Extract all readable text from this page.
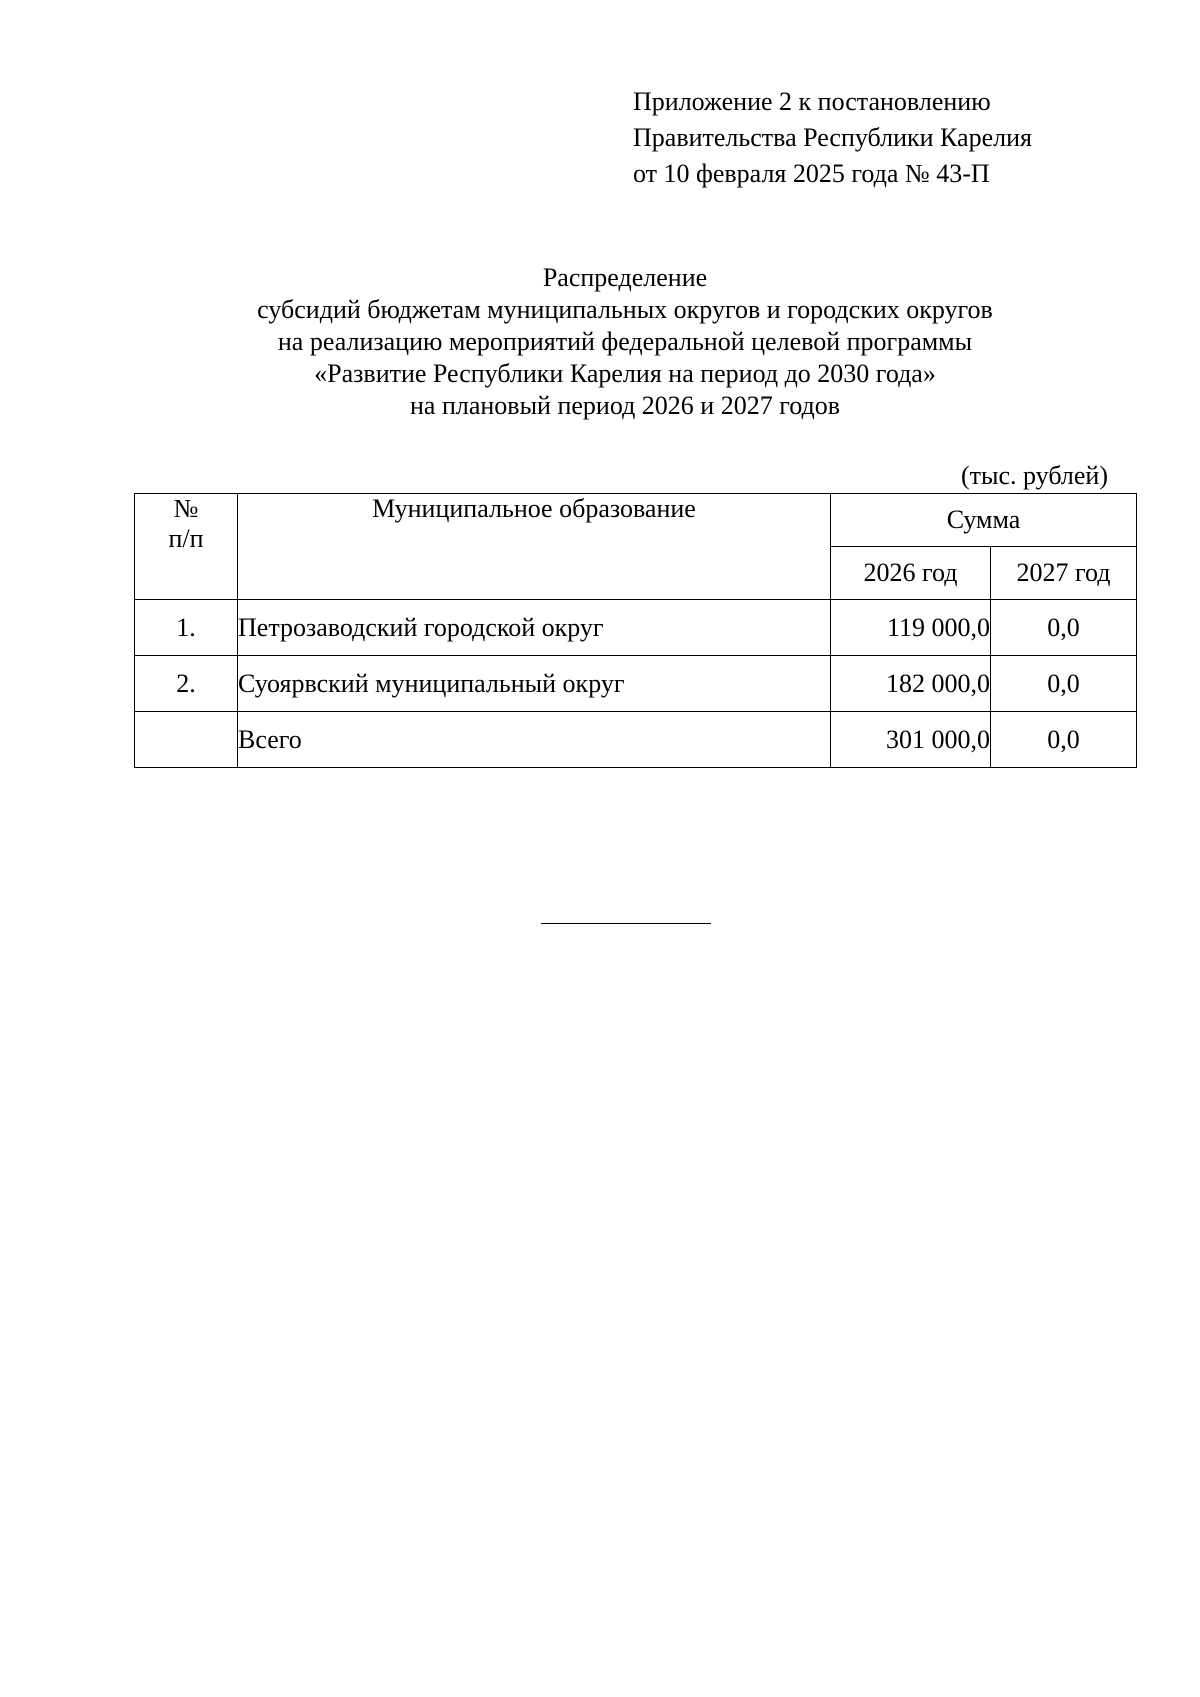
Приложение 2 к постановлению
Правительства Республики Карелия
от 10 февраля 2025 года № 43-П
Распределение
субсидий бюджетам муниципальных округов и городских округов
на реализацию мероприятий федеральной целевой программы
«Развитие Республики Карелия на период до 2030 года»
на плановый период 2026 и 2027 годов
(тыс. рублей)
№
п/п	Муниципальное образование	Сумма	
		2026 год	2027 год
1.	Петрозаводский городской округ	119 000,0	0,0
2.	Суоярвский муниципальный округ	182 000,0	0,0
	Всего	301 000,0	0,0
